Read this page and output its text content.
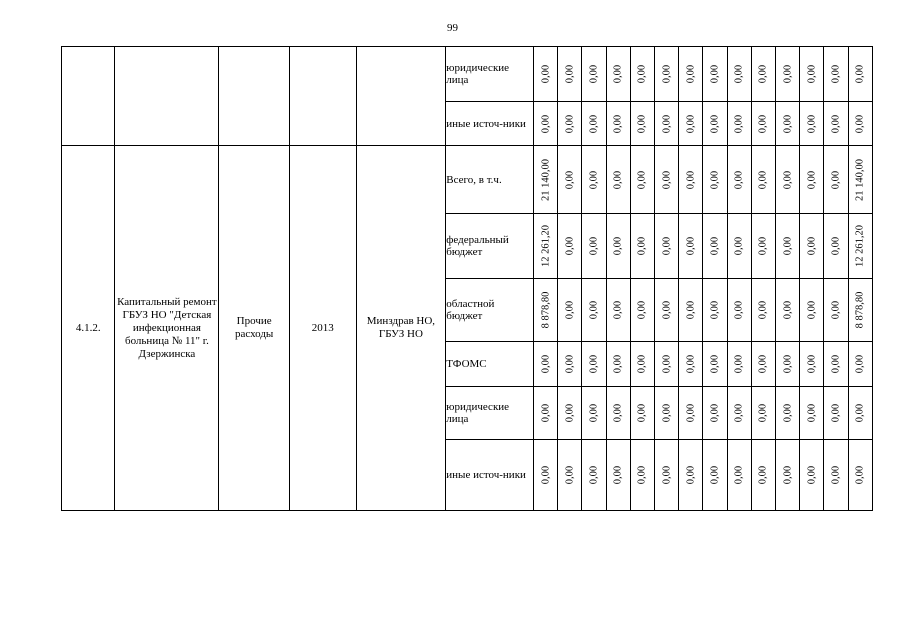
99
					юридические лица	0,00	0,00	0,00	0,00	0,00	0,00	0,00	0,00	0,00	0,00	0,00	0,00	0,00	0,00

					иные источ-ники	0,00	0,00	0,00	0,00	0,00	0,00	0,00	0,00	0,00	0,00	0,00	0,00	0,00	0,00

4.1.2.	Капитальный ремонт ГБУЗ НО "Детская инфекционная больница № 11" г. Дзержинска	Прочие расходы	2013	Минздрав НО, ГБУЗ НО	Всего, в т.ч.	21 140,00	0,00	0,00	0,00	0,00	0,00	0,00	0,00	0,00	0,00	0,00	0,00	0,00	21 140,00

					федеральный бюджет	12 261,20	0,00	0,00	0,00	0,00	0,00	0,00	0,00	0,00	0,00	0,00	0,00	0,00	12 261,20

					областной бюджет	8 878,80	0,00	0,00	0,00	0,00	0,00	0,00	0,00	0,00	0,00	0,00	0,00	0,00	8 878,80

					ТФОМС	0,00	0,00	0,00	0,00	0,00	0,00	0,00	0,00	0,00	0,00	0,00	0,00	0,00	0,00

					юридические лица	0,00	0,00	0,00	0,00	0,00	0,00	0,00	0,00	0,00	0,00	0,00	0,00	0,00	0,00

					иные источ-ники	0,00	0,00	0,00	0,00	0,00	0,00	0,00	0,00	0,00	0,00	0,00	0,00	0,00	0,00
